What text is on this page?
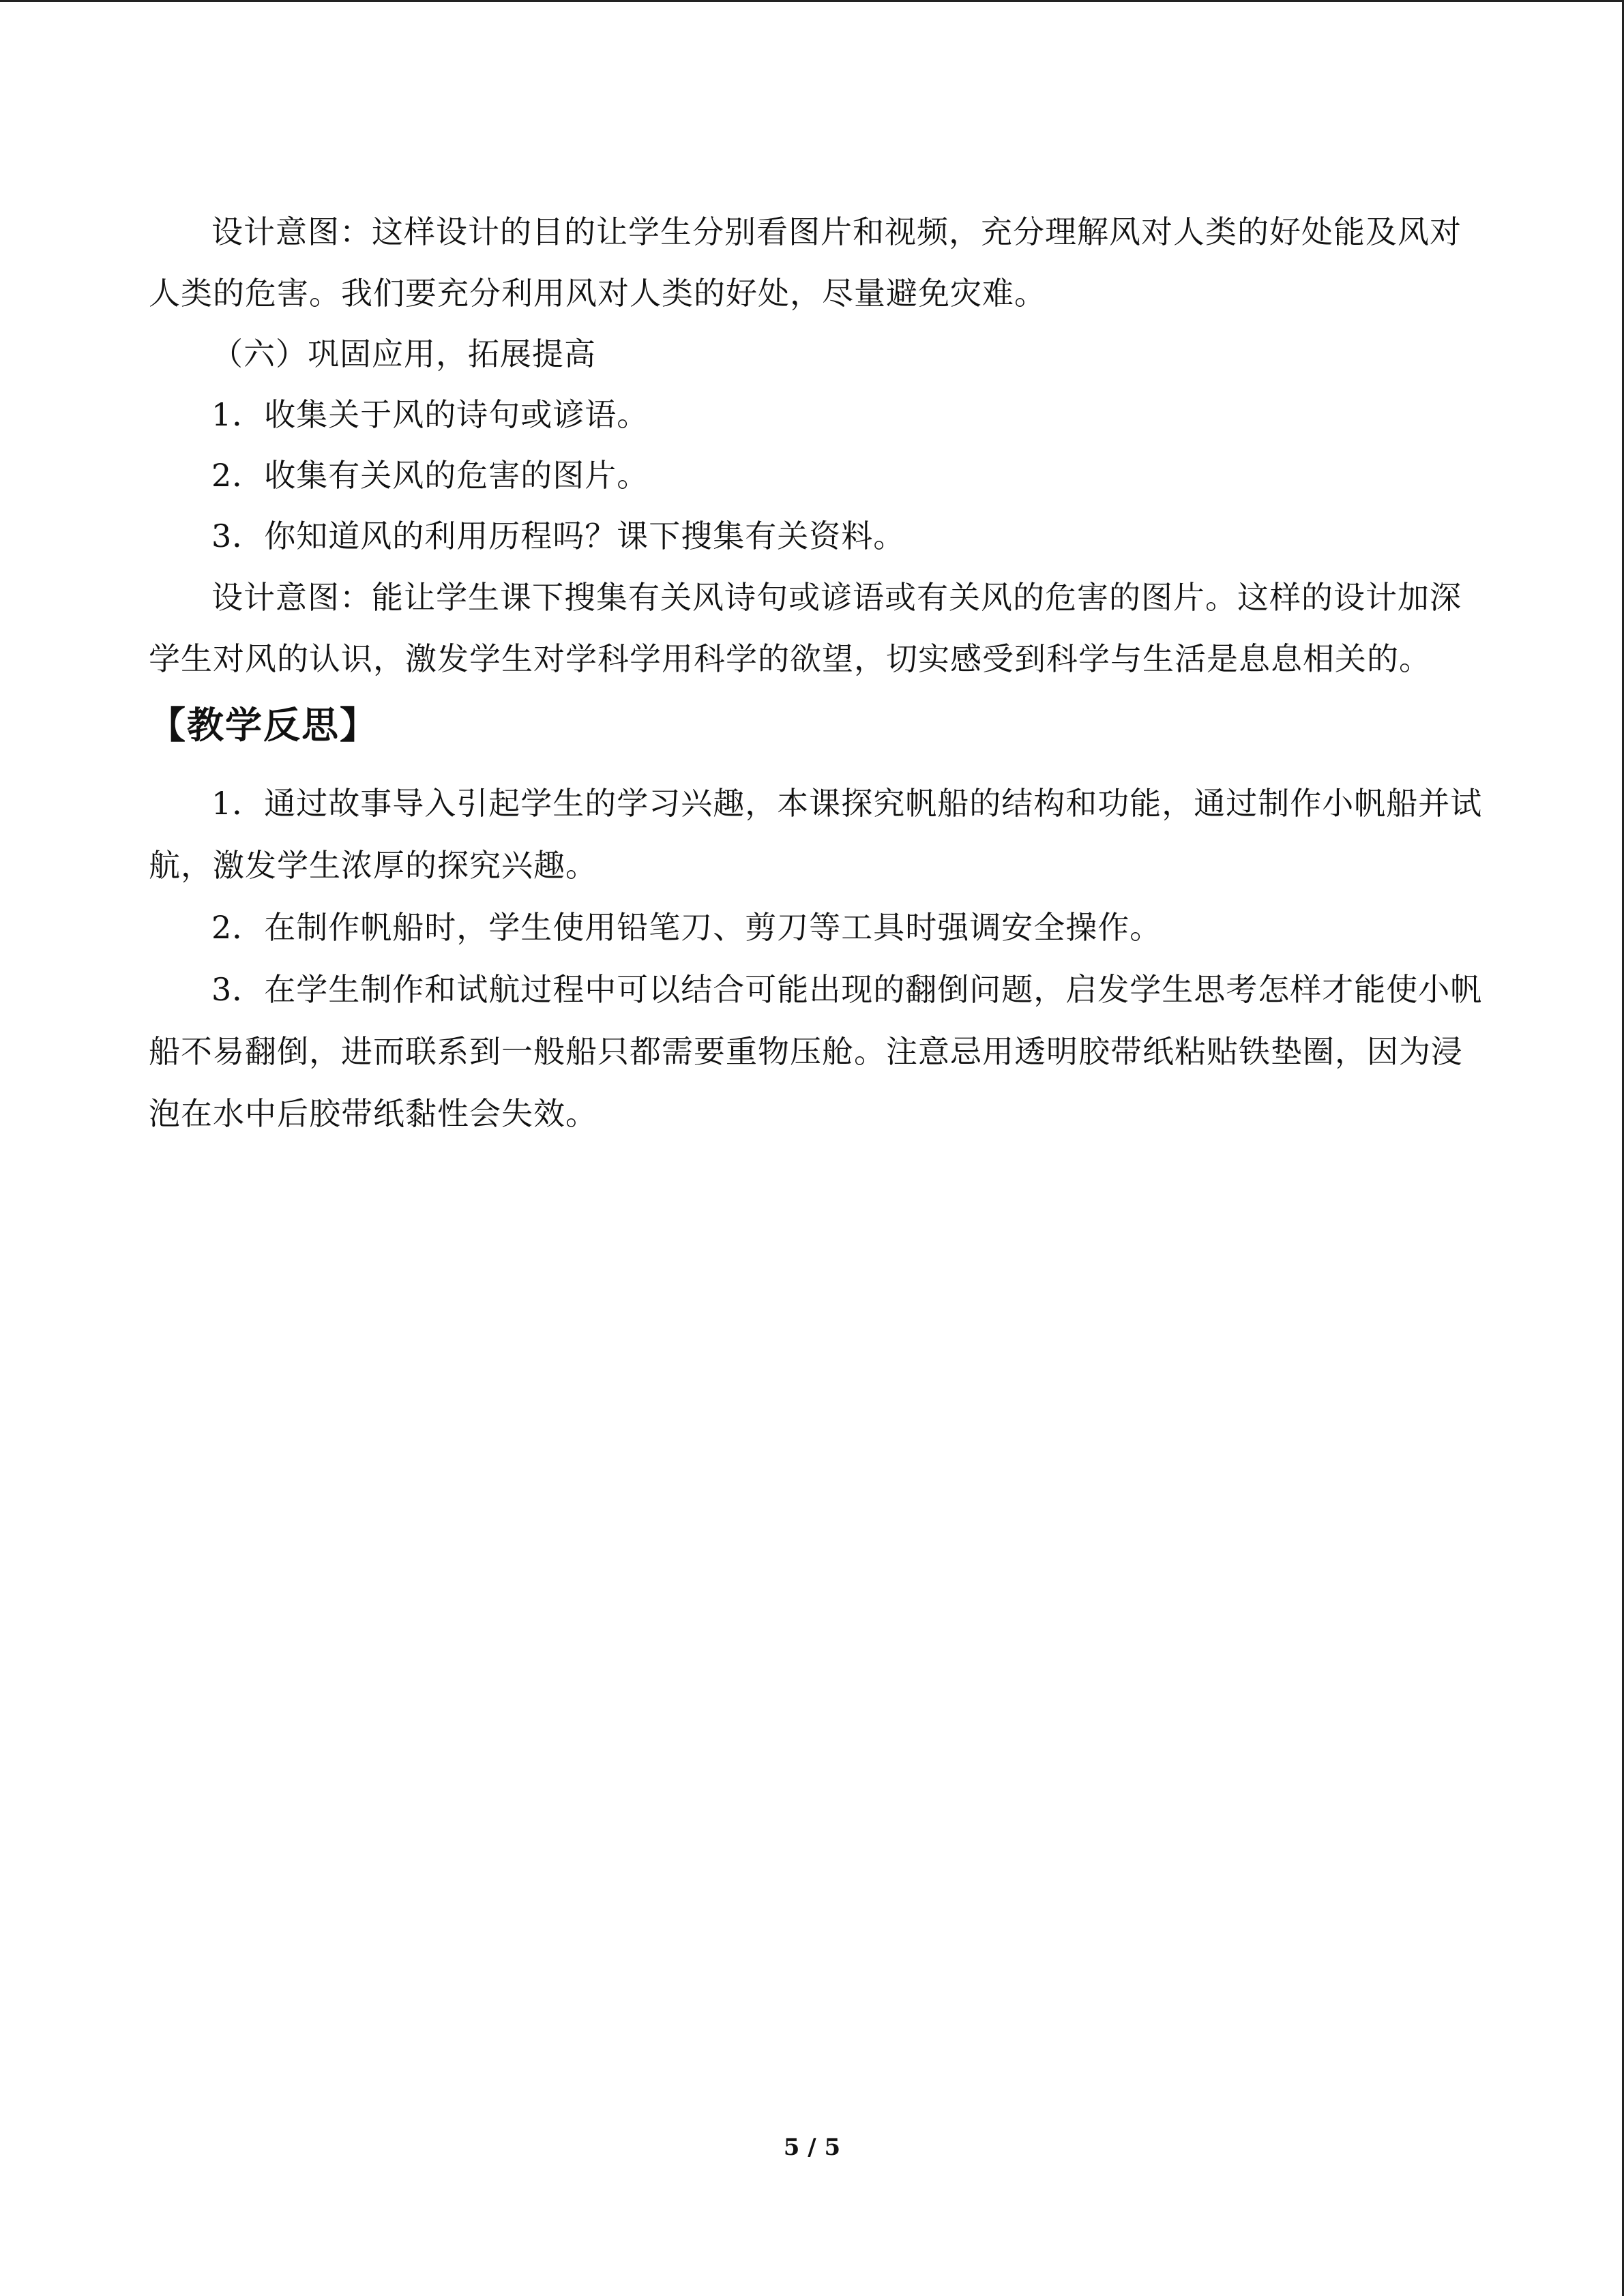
设计意图：这样设计的目的让学生分别看图片和视频，充分理解风对人类的好处能及风对人类的危害。我们要充分利用风对人类的好处，尽量避免灾难。

（六）巩固应用，拓展提高

1．收集关于风的诗句或谚语。

2．收集有关风的危害的图片。

3．你知道风的利用历程吗？课下搜集有关资料。

设计意图：能让学生课下搜集有关风诗句或谚语或有关风的危害的图片。这样的设计加深学生对风的认识，激发学生对学科学用科学的欲望，切实感受到科学与生活是息息相关的。

【教学反思】

1．通过故事导入引起学生的学习兴趣，本课探究帆船的结构和功能，通过制作小帆船并试航，激发学生浓厚的探究兴趣。

2．在制作帆船时，学生使用铅笔刀、剪刀等工具时强调安全操作。

3．在学生制作和试航过程中可以结合可能出现的翻倒问题，启发学生思考怎样才能使小帆船不易翻倒，进而联系到一般船只都需要重物压舱。注意忌用透明胶带纸粘贴铁垫圈，因为浸泡在水中后胶带纸黏性会失效。

5 / 5
